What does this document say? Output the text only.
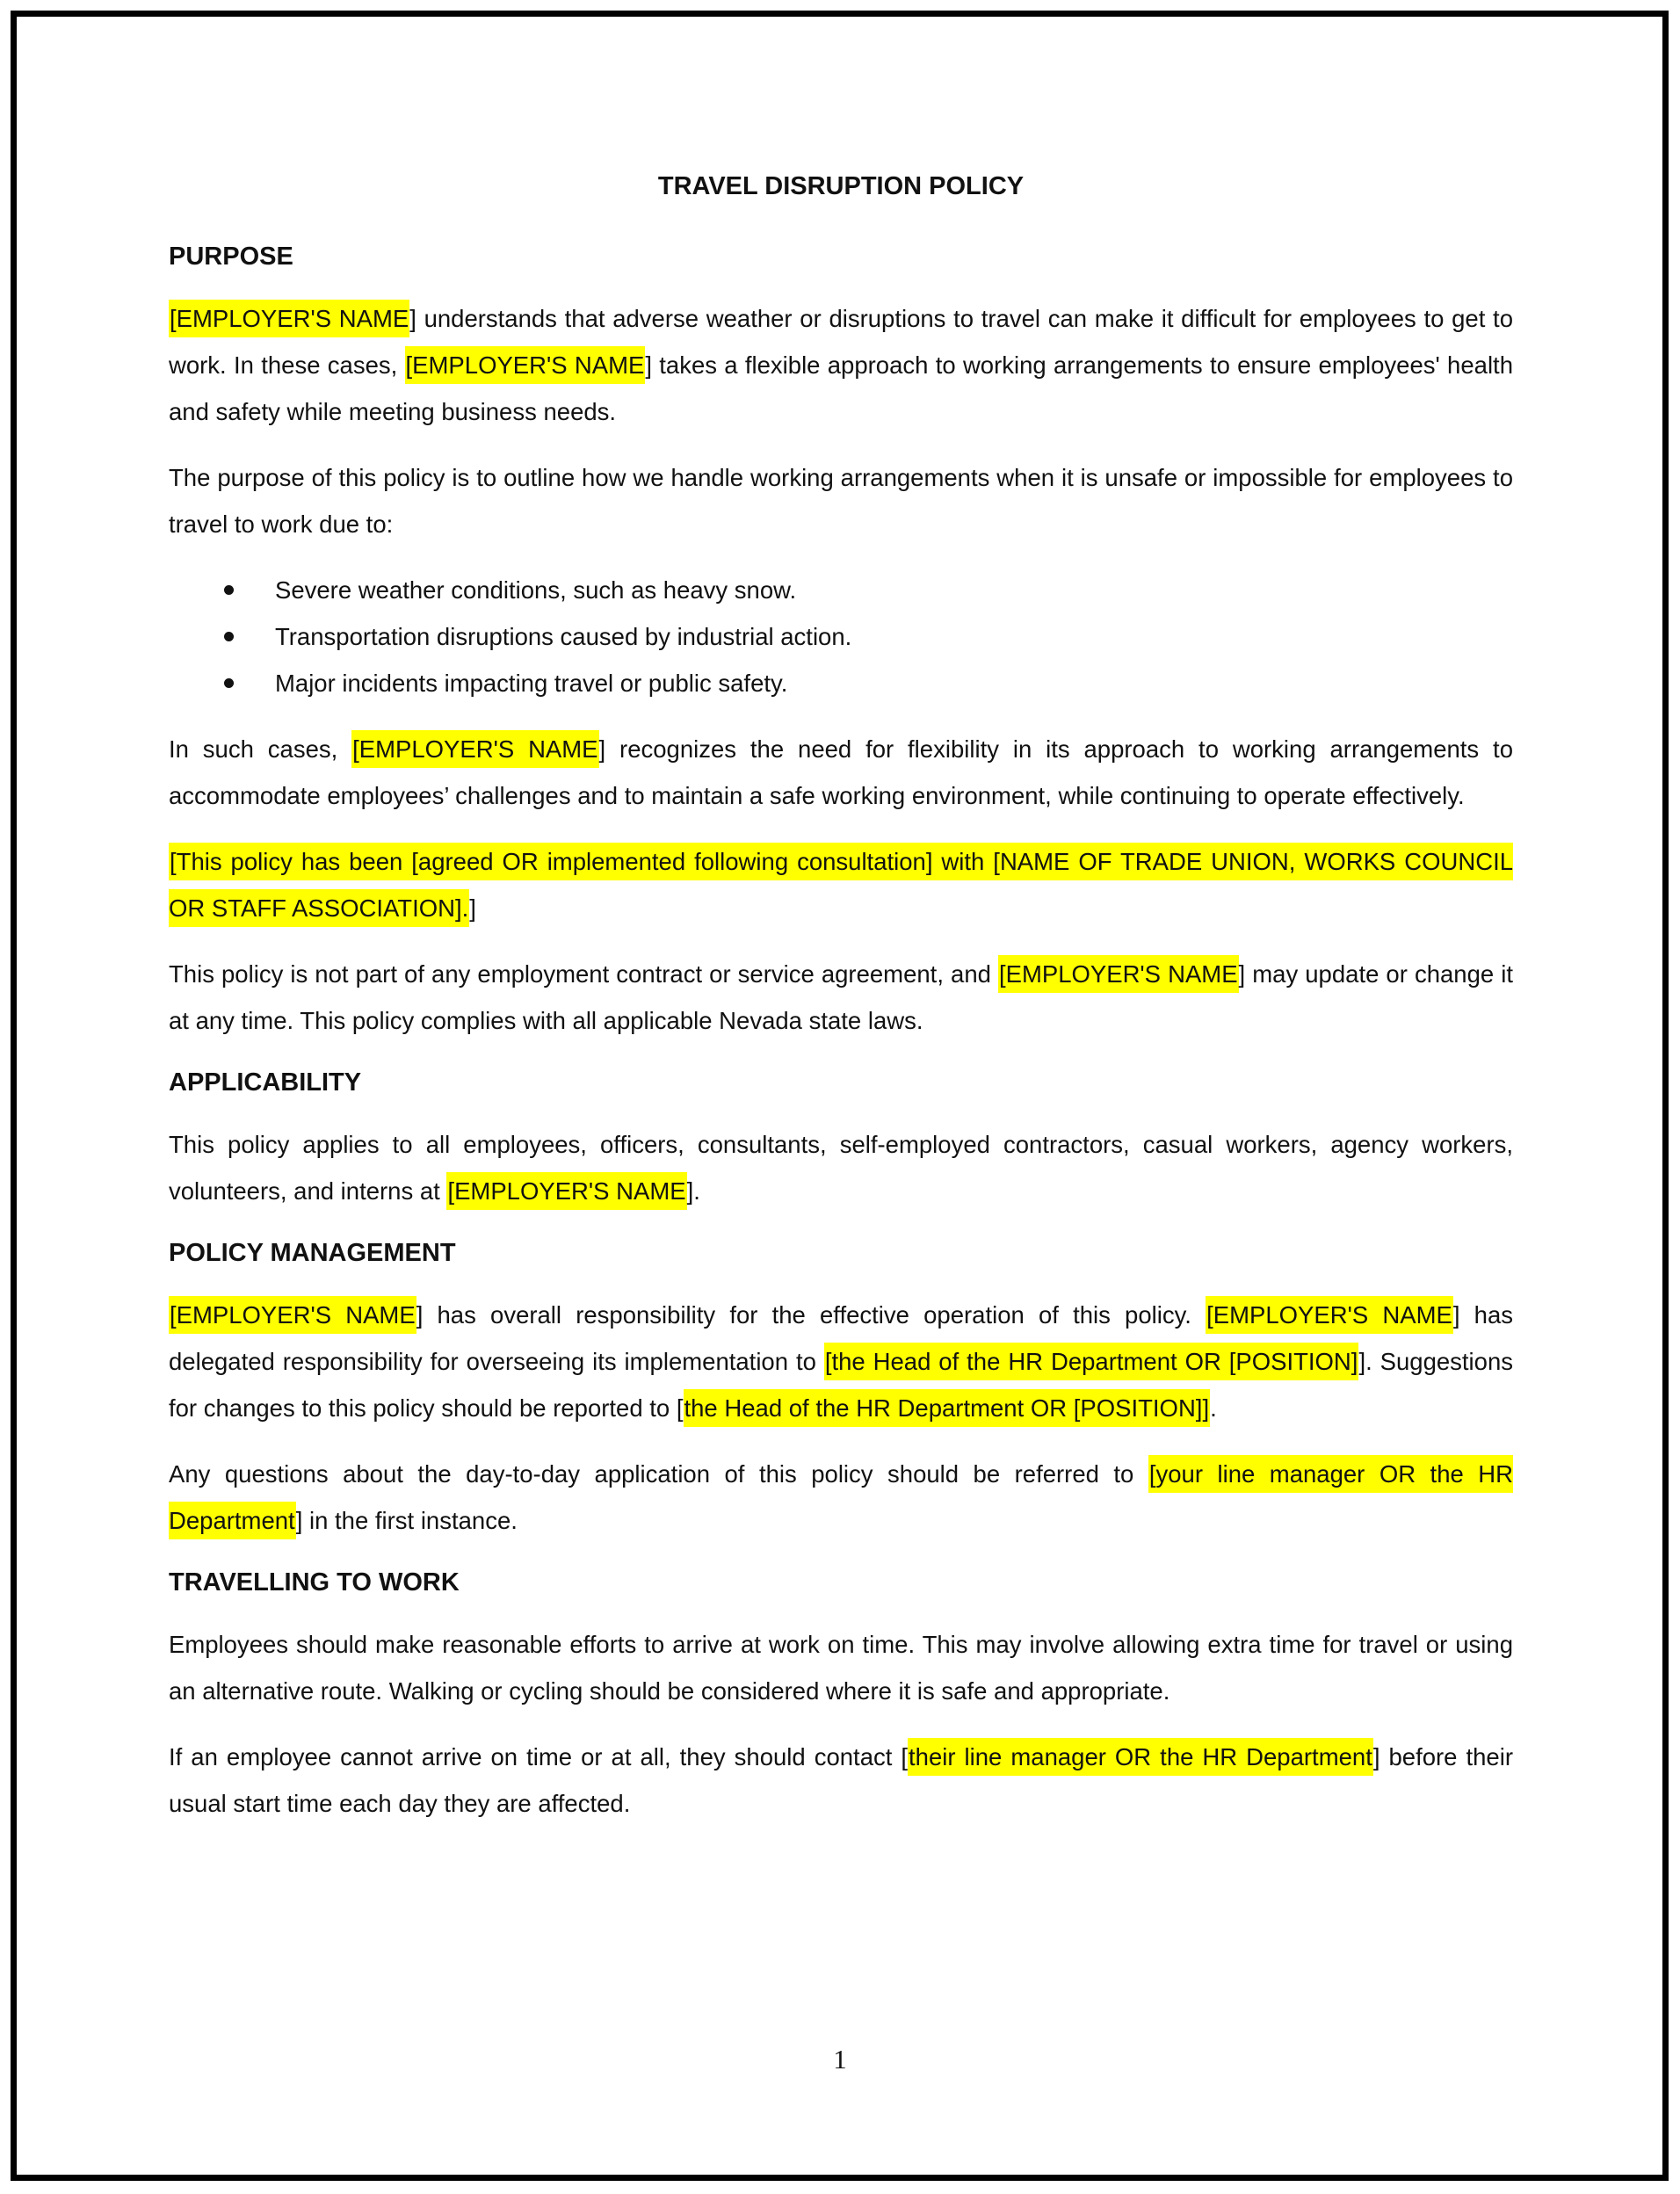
TRAVEL DISRUPTION POLICY
PURPOSE

[EMPLOYER'S NAME] understands that adverse weather or disruptions to travel can make it difficult for employees to get to work. In these cases, [EMPLOYER'S NAME] takes a flexible approach to working arrangements to ensure employees' health and safety while meeting business needs.

The purpose of this policy is to outline how we handle working arrangements when it is unsafe or impossible for employees to travel to work due to:

Severe weather conditions, such as heavy snow.
Transportation disruptions caused by industrial action.
Major incidents impacting travel or public safety.

In such cases, [EMPLOYER'S NAME] recognizes the need for flexibility in its approach to working arrangements to accommodate employees’ challenges and to maintain a safe working environment, while continuing to operate effectively.

[This policy has been [agreed OR implemented following consultation] with [NAME OF TRADE UNION, WORKS COUNCIL OR STAFF ASSOCIATION].]

This policy is not part of any employment contract or service agreement, and [EMPLOYER'S NAME] may update or change it at any time. This policy complies with all applicable Nevada state laws.

APPLICABILITY

This policy applies to all employees, officers, consultants, self-employed contractors, casual workers, agency workers, volunteers, and interns at [EMPLOYER'S NAME].

POLICY MANAGEMENT

[EMPLOYER'S NAME] has overall responsibility for the effective operation of this policy. [EMPLOYER'S NAME] has delegated responsibility for overseeing its implementation to [the Head of the HR Department OR [POSITION]]. Suggestions for changes to this policy should be reported to [the Head of the HR Department OR [POSITION]].

Any questions about the day-to-day application of this policy should be referred to [your line manager OR the HR Department] in the first instance.

TRAVELLING TO WORK

Employees should make reasonable efforts to arrive at work on time. This may involve allowing extra time for travel or using an alternative route. Walking or cycling should be considered where it is safe and appropriate.

If an employee cannot arrive on time or at all, they should contact [their line manager OR the HR Department] before their usual start time each day they are affected.

1
